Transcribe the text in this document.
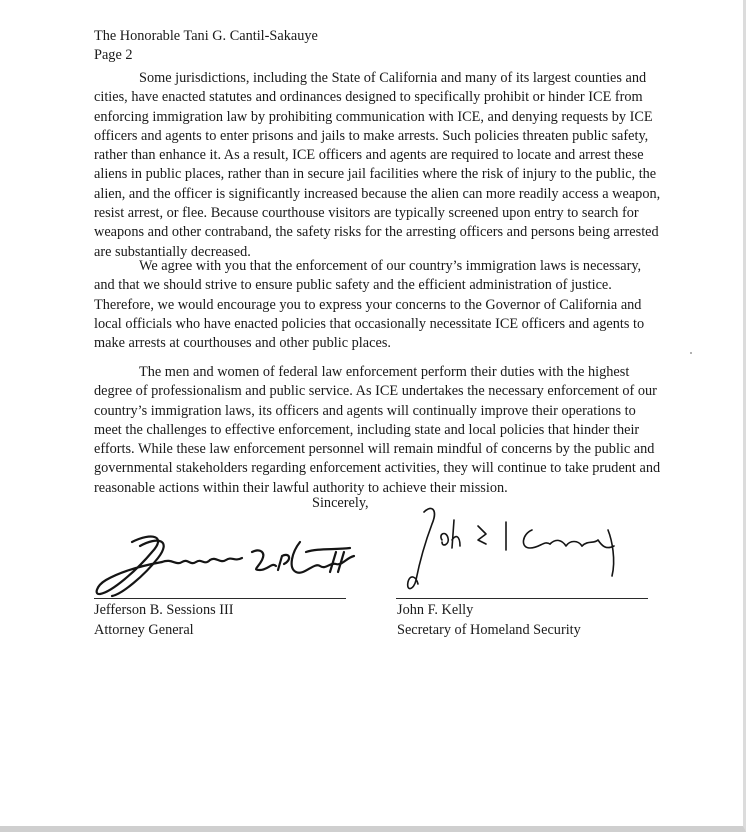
The Honorable Tani G. Cantil-Sakauye
Page 2

Some jurisdictions, including the State of California and many of its largest counties and cities, have enacted statutes and ordinances designed to specifically prohibit or hinder ICE from enforcing immigration law by prohibiting communication with ICE, and denying requests by ICE officers and agents to enter prisons and jails to make arrests. Such policies threaten public safety, rather than enhance it. As a result, ICE officers and agents are required to locate and arrest these aliens in public places, rather than in secure jail facilities where the risk of injury to the public, the alien, and the officer is significantly increased because the alien can more readily access a weapon, resist arrest, or flee. Because courthouse visitors are typically screened upon entry to search for weapons and other contraband, the safety risks for the arresting officers and persons being arrested are substantially decreased.

We agree with you that the enforcement of our country’s immigration laws is necessary, and that we should strive to ensure public safety and the efficient administration of justice. Therefore, we would encourage you to express your concerns to the Governor of California and local officials who have enacted policies that occasionally necessitate ICE officers and agents to make arrests at courthouses and other public places.

The men and women of federal law enforcement perform their duties with the highest degree of professionalism and public service. As ICE undertakes the necessary enforcement of our country’s immigration laws, its officers and agents will continually improve their operations to meet the challenges to effective enforcement, including state and local policies that hinder their efforts. While these law enforcement personnel will remain mindful of concerns by the public and governmental stakeholders regarding enforcement activities, they will continue to take prudent and reasonable actions within their lawful authority to achieve their mission.

Sincerely,
Jefferson B. Sessions III
Attorney General
John F. Kelly
Secretary of Homeland Security
